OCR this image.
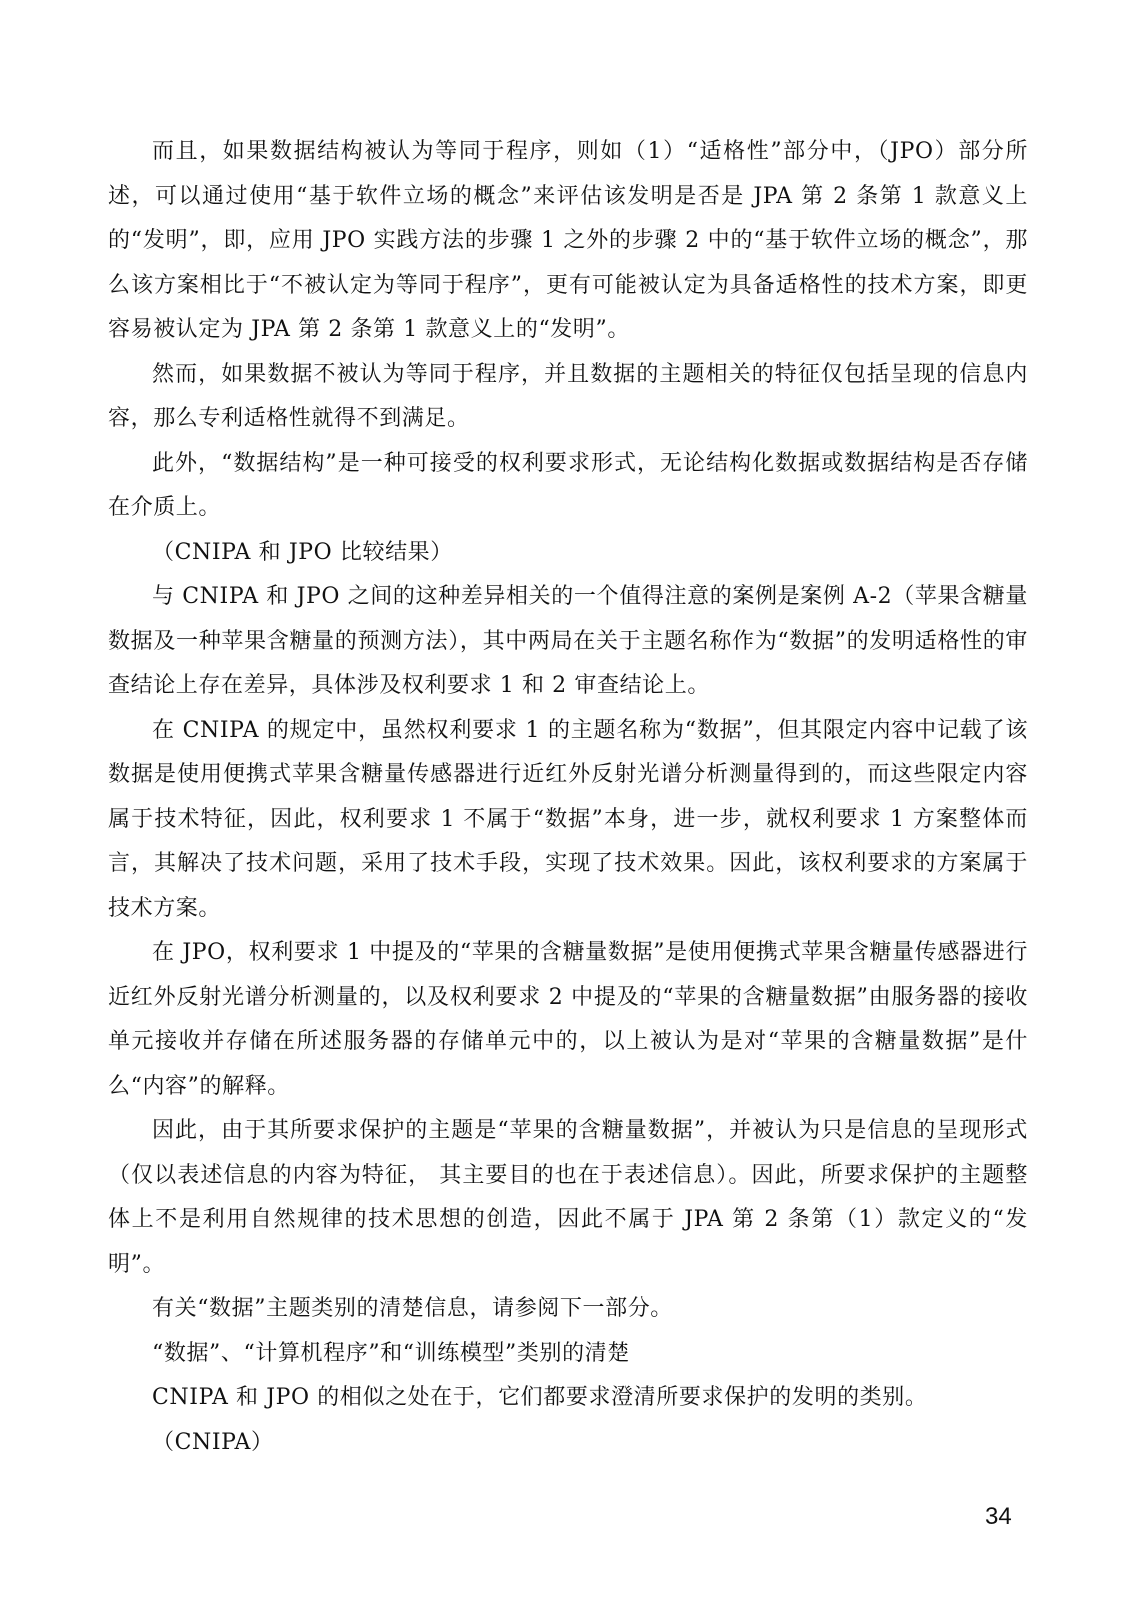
而且，如果数据结构被认为等同于程序，则如（1）“适格性”部分中，（JPO）部分所述，可以通过使用“基于软件立场的概念”来评估该发明是否是 JPA 第 2 条第 1 款意义上的“发明”，即，应用 JPO 实践方法的步骤 1 之外的步骤 2 中的“基于软件立场的概念”，那么该方案相比于“不被认定为等同于程序”，更有可能被认定为具备适格性的技术方案，即更容易被认定为 JPA 第 2 条第 1 款意义上的“发明”。

然而，如果数据不被认为等同于程序，并且数据的主题相关的特征仅包括呈现的信息内容，那么专利适格性就得不到满足。

此外，“数据结构”是一种可接受的权利要求形式，无论结构化数据或数据结构是否存储在介质上。

（CNIPA 和 JPO 比较结果）

与 CNIPA 和 JPO 之间的这种差异相关的一个值得注意的案例是案例 A-2（苹果含糖量数据及一种苹果含糖量的预测方法），其中两局在关于主题名称作为“数据”的发明适格性的审查结论上存在差异，具体涉及权利要求 1 和 2 审查结论上。

在 CNIPA 的规定中，虽然权利要求 1 的主题名称为“数据”，但其限定内容中记载了该数据是使用便携式苹果含糖量传感器进行近红外反射光谱分析测量得到的，而这些限定内容属于技术特征，因此，权利要求 1 不属于“数据”本身，进一步，就权利要求 1 方案整体而言，其解决了技术问题，采用了技术手段，实现了技术效果。因此，该权利要求的方案属于技术方案。

在 JPO，权利要求 1 中提及的“苹果的含糖量数据”是使用便携式苹果含糖量传感器进行近红外反射光谱分析测量的，以及权利要求 2 中提及的“苹果的含糖量数据”由服务器的接收单元接收并存储在所述服务器的存储单元中的，以上被认为是对“苹果的含糖量数据”是什么“内容”的解释。

因此，由于其所要求保护的主题是“苹果的含糖量数据”，并被认为只是信息的呈现形式（仅以表述信息的内容为特征， 其主要目的也在于表述信息）。因此，所要求保护的主题整体上不是利用自然规律的技术思想的创造，因此不属于 JPA 第 2 条第（1）款定义的“发明”。

有关“数据”主题类别的清楚信息，请参阅下一部分。

“数据”、“计算机程序”和“训练模型”类别的清楚

CNIPA 和 JPO 的相似之处在于，它们都要求澄清所要求保护的发明的类别。

（CNIPA）

34
